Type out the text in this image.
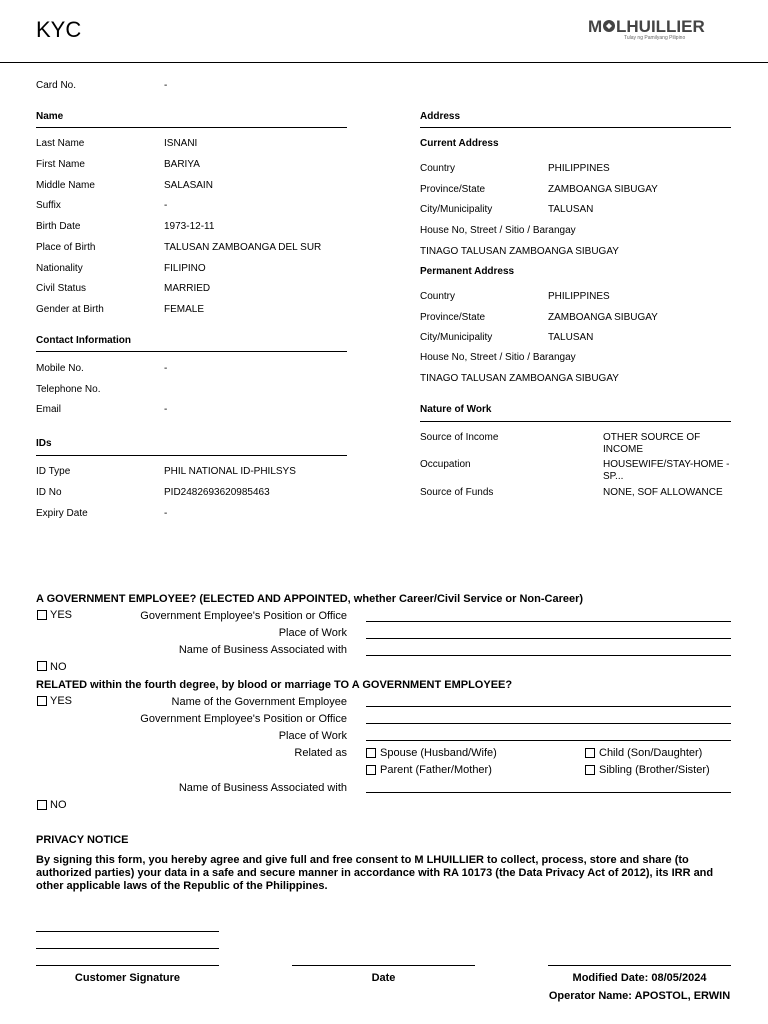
KYC	M LHUILLIER
Tulay ng Pamilyang Pilipino
Card No.	-
Name
Last Name	ISNANI
First Name	BARIYA
Middle Name	SALASAIN
Suffix	-
Birth Date	1973-12-11
Place of Birth	TALUSAN ZAMBOANGA DEL SUR
Nationality	FILIPINO
Civil Status	MARRIED
Gender at Birth	FEMALE
Contact Information
Mobile No.	-
Telephone No.
Email	-
IDs
ID Type	PHIL NATIONAL ID-PHILSYS
ID No	PID2482693620985463
Expiry Date	-
Address
Current Address
Country	PHILIPPINES
Province/State	ZAMBOANGA SIBUGAY
City/Municipality	TALUSAN
House No, Street / Sitio / Barangay
TINAGO TALUSAN ZAMBOANGA SIBUGAY
Permanent Address
Country	PHILIPPINES
Province/State	ZAMBOANGA SIBUGAY
City/Municipality	TALUSAN
House No, Street / Sitio / Barangay
TINAGO TALUSAN ZAMBOANGA SIBUGAY
Nature of Work
Source of Income	OTHER SOURCE OF INCOME
Occupation	HOUSEWIFE/STAY-HOME -SP...
Source of Funds	NONE, SOF ALLOWANCE
A GOVERNMENT EMPLOYEE? (ELECTED AND APPOINTED, whether Career/Civil Service or Non-Career)
YES	Government Employee's Position or Office
Place of Work
Name of Business Associated with
NO
RELATED within the fourth degree, by blood or marriage TO A GOVERNMENT EMPLOYEE?
YES	Name of the Government Employee
Government Employee's Position or Office
Place of Work
Related as	Spouse (Husband/Wife)	Child (Son/Daughter)
Parent (Father/Mother)	Sibling (Brother/Sister)
Name of Business Associated with
NO
PRIVACY NOTICE
By signing this form, you hereby agree and give full and free consent to M LHUILLIER to collect, process, store and share (to authorized parties) your data in a safe and secure manner in accordance with RA 10173 (the Data Privacy Act of 2012), its IRR and other applicable laws of the Republic of the Philippines.
Customer Signature	Date	Modified Date: 08/05/2024
Operator Name: APOSTOL, ERWIN
